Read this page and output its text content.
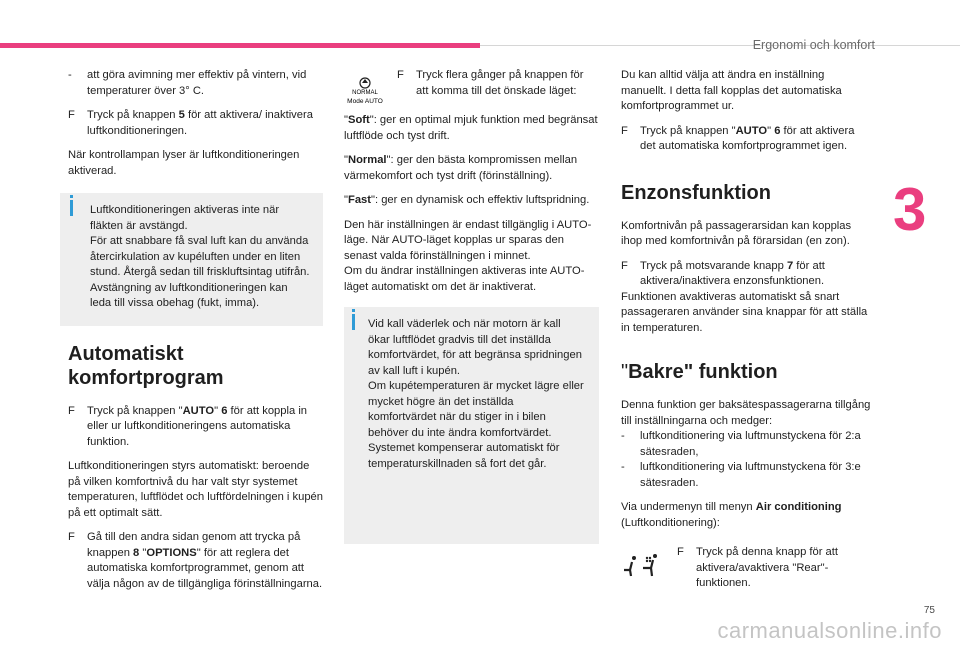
Ergonomi och komfort
3
- att göra avimning mer effektiv på vintern, vid temperaturer över 3° C.
F Tryck på knappen 5 för att aktivera/ inaktivera luftkonditioneringen.

När kontrollampan lyser är luftkonditioneringen aktiverad.

Luftkonditioneringen aktiveras inte när fläkten är avstängd.
För att snabbare få sval luft kan du använda återcirkulation av kupéluften under en liten stund. Återgå sedan till friskluftsintag utifrån.
Avstängning av luftkonditioneringen kan leda till vissa obehag (fukt, imma).
Automatiskt komfortprogram
F Tryck på knappen "AUTO" 6 för att koppla in eller ur luftkonditioneringens automatiska funktion.

Luftkonditioneringen styrs automatiskt: beroende på vilken komfortnivå du har valt styr systemet temperaturen, luftflödet och luftfördelningen i kupén på ett optimalt sätt.

F Gå till den andra sidan genom att trycka på knappen 8 "OPTIONS" för att reglera det automatiska komfortprogrammet, genom att välja någon av de tillgängliga förinställningarna.
NORMAL
Mode AUTO
F Tryck flera gånger på knappen för att komma till det önskade läget:

"Soft": ger en optimal mjuk funktion med begränsat luftflöde och tyst drift.

"Normal": ger den bästa kompromissen mellan värmekomfort och tyst drift (förinställning).

"Fast": ger en dynamisk och effektiv luftspridning.

Den här inställningen är endast tillgänglig i AUTO-läge. När AUTO-läget kopplas ur sparas den senast valda förinställningen i minnet.

Om du ändrar inställningen aktiveras inte AUTO-läget automatiskt om det är inaktiverat.

Vid kall väderlek och när motorn är kall ökar luftflödet gradvis till det inställda komfortvärdet, för att begränsa spridningen av kall luft i kupén.
Om kupétemperaturen är mycket lägre eller mycket högre än det inställda komfortvärdet när du stiger in i bilen behöver du inte ändra komfortvärdet. Systemet kompenserar automatiskt för temperaturskillnaden så fort det går.

Du kan alltid välja att ändra en inställning manuellt. I detta fall kopplas det automatiska komfortprogrammet ur.

F Tryck på knappen "AUTO" 6 för att aktivera det automatiska komfortprogrammet igen.
Enzonsfunktion

Komfortnivån på passagerarsidan kan kopplas ihop med komfortnivån på förarsidan (en zon).

F Tryck på motsvarande knapp 7 för att aktivera/inaktivera enzonsfunktionen.

Funktionen avaktiveras automatiskt så snart passageraren använder sina knappar för att ställa in temperaturen.

"Bakre" funktion

Denna funktion ger baksätespassagerarna tillgång till inställningarna och medger:

- luftkonditionering via luftmunstyckena för 2:a sätesraden,
- luftkonditionering via luftmunstyckena för 3:e sätesraden.

Via undermenyn till menyn Air conditioning (Luftkonditionering):

F Tryck på denna knapp för att aktivera/avaktivera "Rear"-funktionen.
75
carmanualsonline.info
